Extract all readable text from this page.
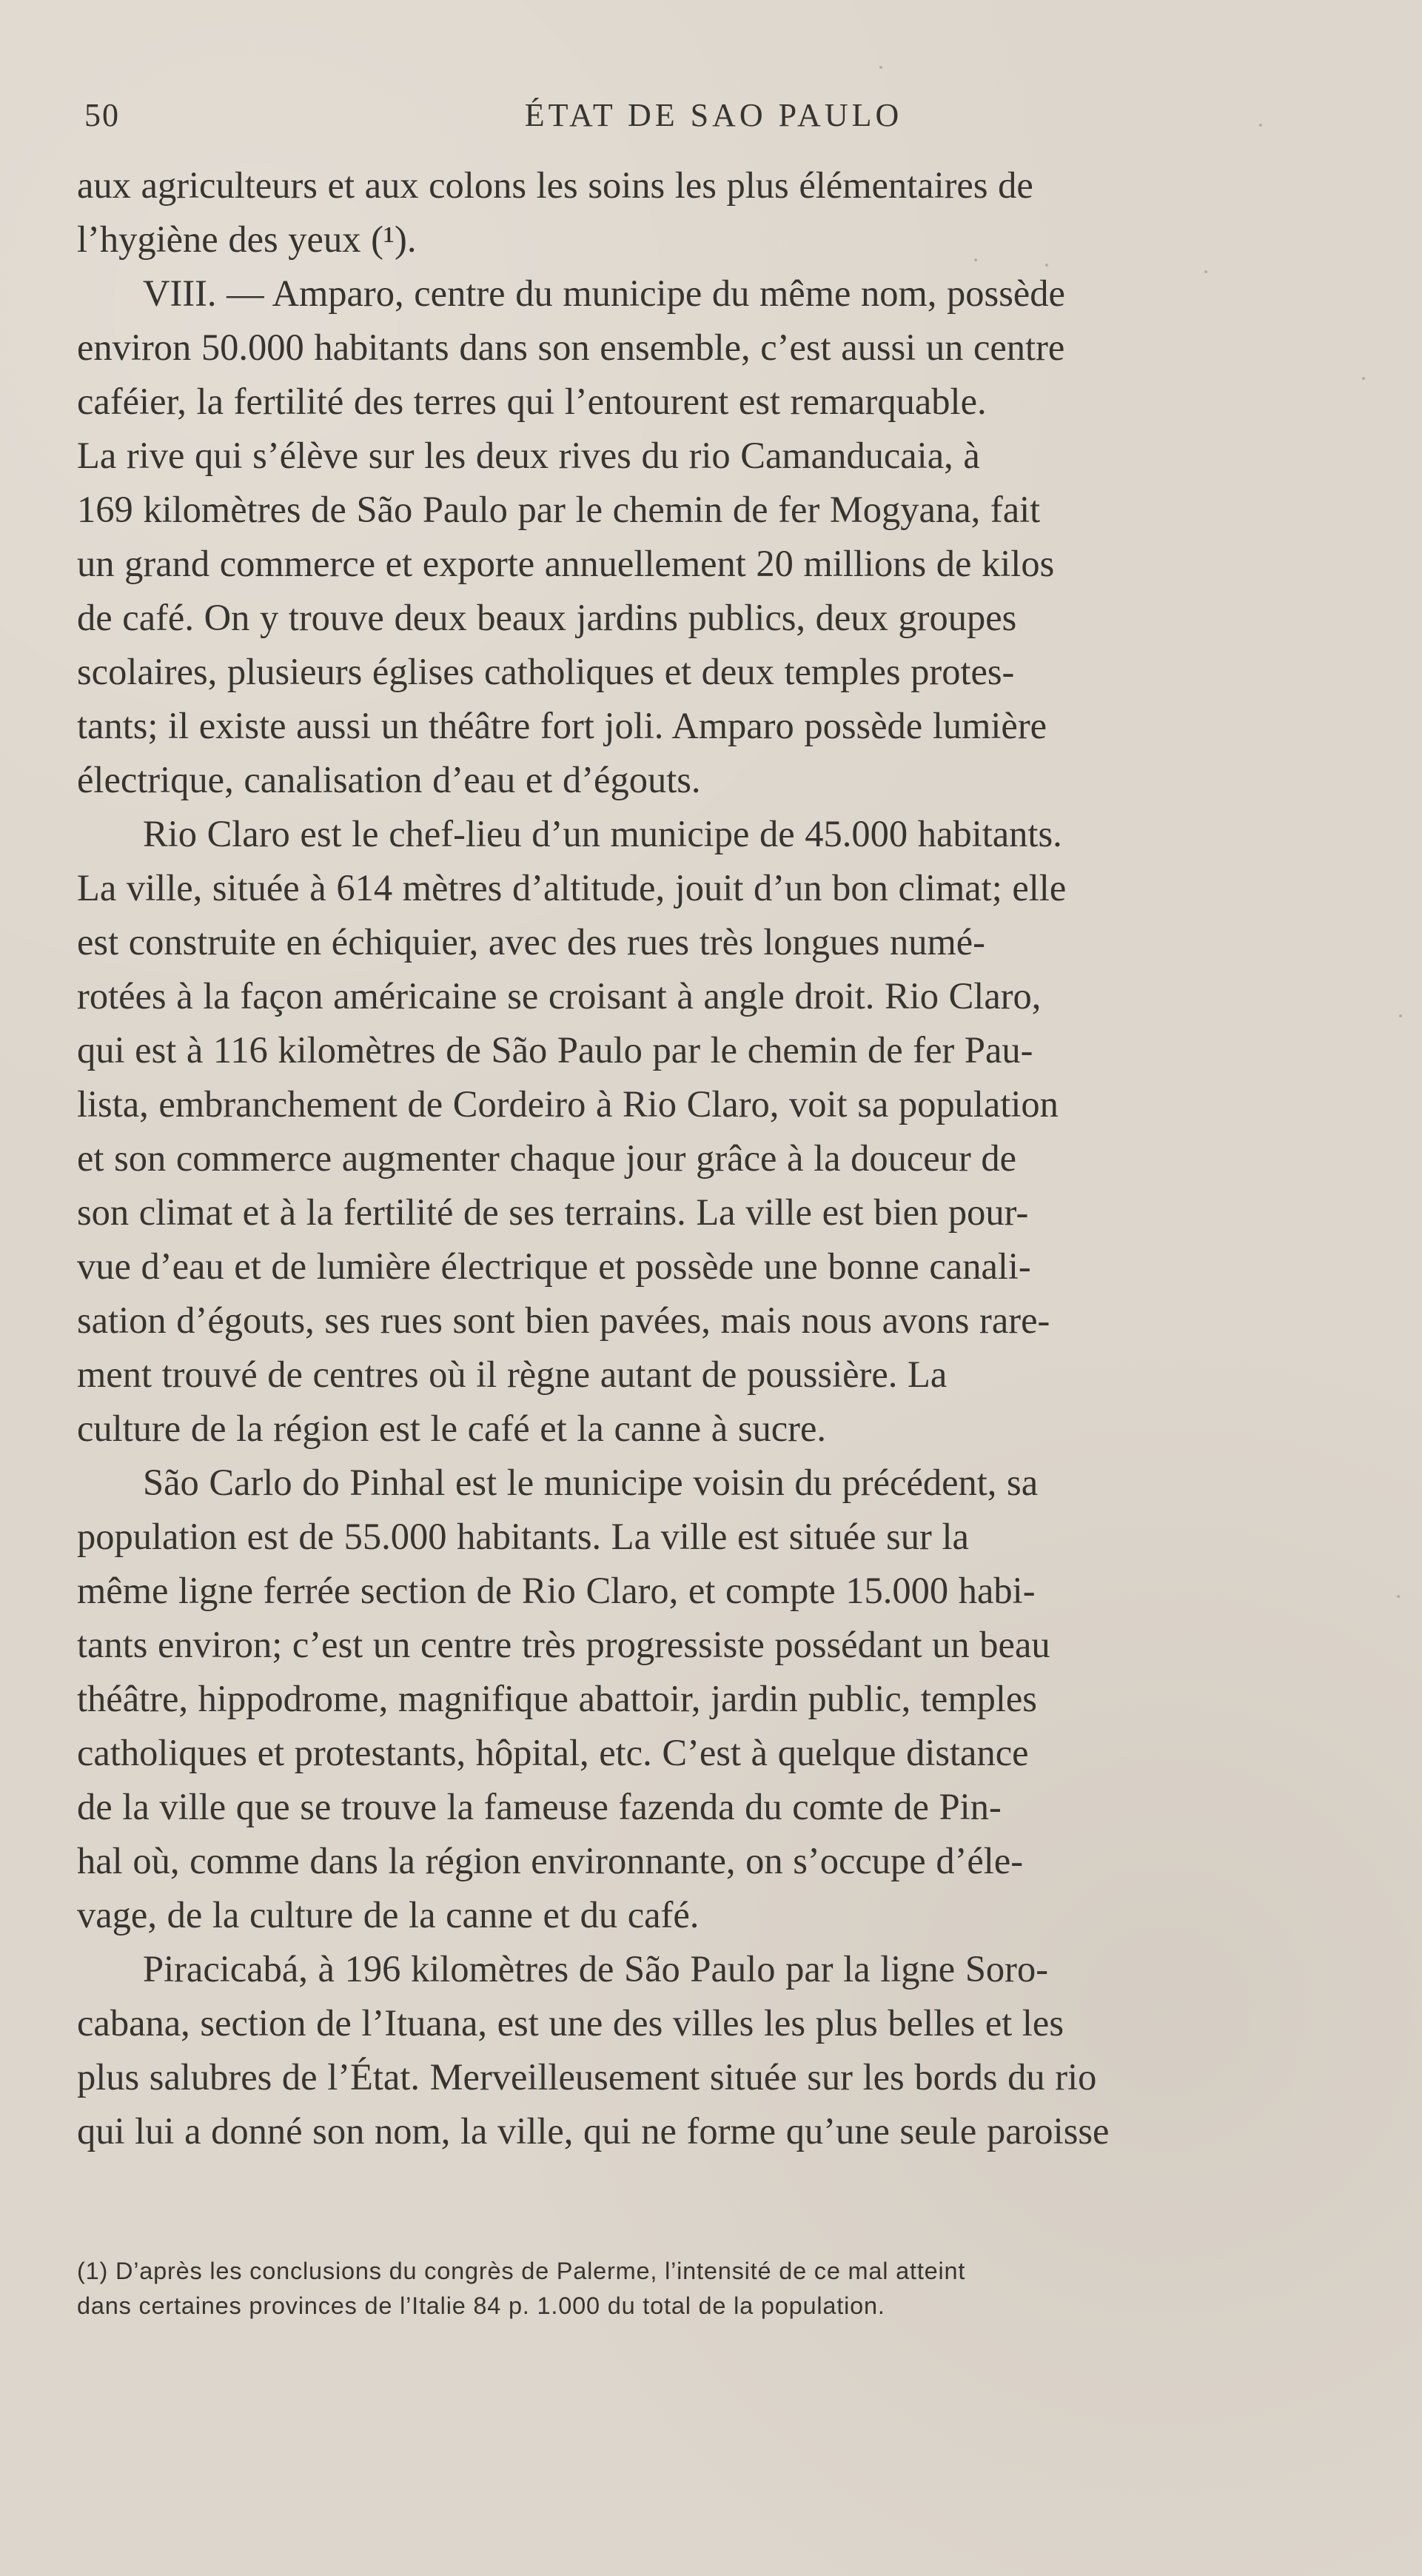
50	ÉTAT DE SAO PAULO

aux agriculteurs et aux colons les soins les plus élémentaires de
l’hygiène des yeux (¹).

VIII. — Amparo, centre du municipe du même nom, possède
environ 50.000 habitants dans son ensemble, c’est aussi un centre
caféier, la fertilité des terres qui l’entourent est remarquable.
La rive qui s’élève sur les deux rives du rio Camanducaia, à
169 kilomètres de São Paulo par le chemin de fer Mogyana, fait
un grand commerce et exporte annuellement 20 millions de kilos
de café. On y trouve deux beaux jardins publics, deux groupes
scolaires, plusieurs églises catholiques et deux temples protes-
tants; il existe aussi un théâtre fort joli. Amparo possède lumière
électrique, canalisation d’eau et d’égouts.

Rio Claro est le chef-lieu d’un municipe de 45.000 habitants.
La ville, située à 614 mètres d’altitude, jouit d’un bon climat; elle
est construite en échiquier, avec des rues très longues numé-
rotées à la façon américaine se croisant à angle droit. Rio Claro,
qui est à 116 kilomètres de São Paulo par le chemin de fer Pau-
lista, embranchement de Cordeiro à Rio Claro, voit sa population
et son commerce augmenter chaque jour grâce à la douceur de
son climat et à la fertilité de ses terrains. La ville est bien pour-
vue d’eau et de lumière électrique et possède une bonne canali-
sation d’égouts, ses rues sont bien pavées, mais nous avons rare-
ment trouvé de centres où il règne autant de poussière. La
culture de la région est le café et la canne à sucre.

São Carlo do Pinhal est le municipe voisin du précédent, sa
population est de 55.000 habitants. La ville est située sur la
même ligne ferrée section de Rio Claro, et compte 15.000 habi-
tants environ; c’est un centre très progressiste possédant un beau
théâtre, hippodrome, magnifique abattoir, jardin public, temples
catholiques et protestants, hôpital, etc. C’est à quelque distance
de la ville que se trouve la fameuse fazenda du comte de Pin-
hal où, comme dans la région environnante, on s’occupe d’éle-
vage, de la culture de la canne et du café.

Piracicabá, à 196 kilomètres de São Paulo par la ligne Soro-
cabana, section de l’Ituana, est une des villes les plus belles et les
plus salubres de l’État. Merveilleusement située sur les bords du rio
qui lui a donné son nom, la ville, qui ne forme qu’une seule paroisse

(1) D’après les conclusions du congrès de Palerme, l’intensité de ce mal atteint
dans certaines provinces de l’Italie 84 p. 1.000 du total de la population.
